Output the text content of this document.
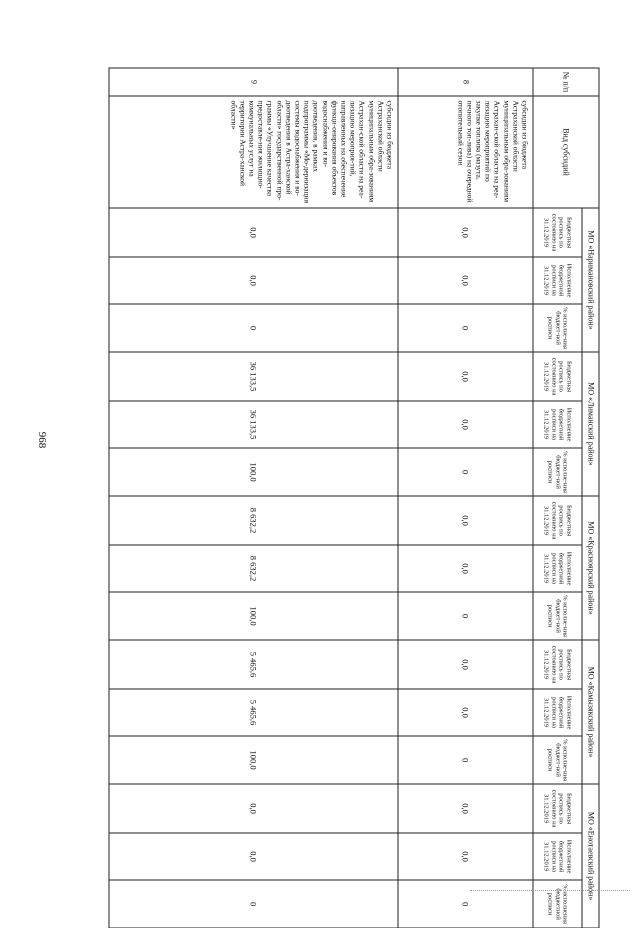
968
№ п/п	Вид субсидий	МО «Наримановский район»			МО «Лиманский район»			МО «Красноярский район»			МО «Камызякский район»			МО «Енотаевский район»		
		Бюджетная роспись по состоянию на 31.12.2019	Исполнение бюджетной росписи на 31.12.2019	% исполне-ния бюджет-ной росписи	Бюджетная роспись по состоянию на 31.12.2019	Исполнение бюджетной росписи на 31.12.2019	% исполне-ния бюджет-ной росписи	Бюджетная роспись по состоянию на 31.12.2019	Исполнение бюджетной росписи на 31.12.2019	% исполне-ния бюджет-ной росписи	Бюджетная роспись по состоянию на 31.12.2019	Исполнение бюджетной росписи на 31.12.2019	% исполне-ния бюджет-ной росписи	Бюджетная роспись по состоянию на 31.12.2019	Исполнение бюджетной росписи на 31.12.2019	% исполнения бюджетной росписи
8	субсидии из бюджета Астраханской области муниципальным обра-зованиям Астрахан-ской области на реа-лизацию мероприятий по закупке топлива (мазута, печного топ-лива) на очередной отопительный сезон	0,0	0,0	0	0,0	0,0	0	0,0	0,0	0	0,0	0,0	0	0,0	0,0	0
9	субсидии из бюджета Астраханской области муниципальным обра-зованиям Астрахан-ской области на реа-лизацию мероприя-тий, направленных на обеспечение функци-онирования объектов водоснабжения и во-доотведения, в рамках подпрограммы «Мо-дернизация системы водоснабжения и во-доотведения в Астра-ханской области» государственной про-граммы «Улучшение качества предоставле-ния жилищно-коммунальных услуг на территории Астра-ханской области»	0,0	0,0	0	36 133,5	36 133,5	100,0	8 632,2	8 632,2	100,0	5 465,6	5 465,6	100,0	0,0	0,0	0
